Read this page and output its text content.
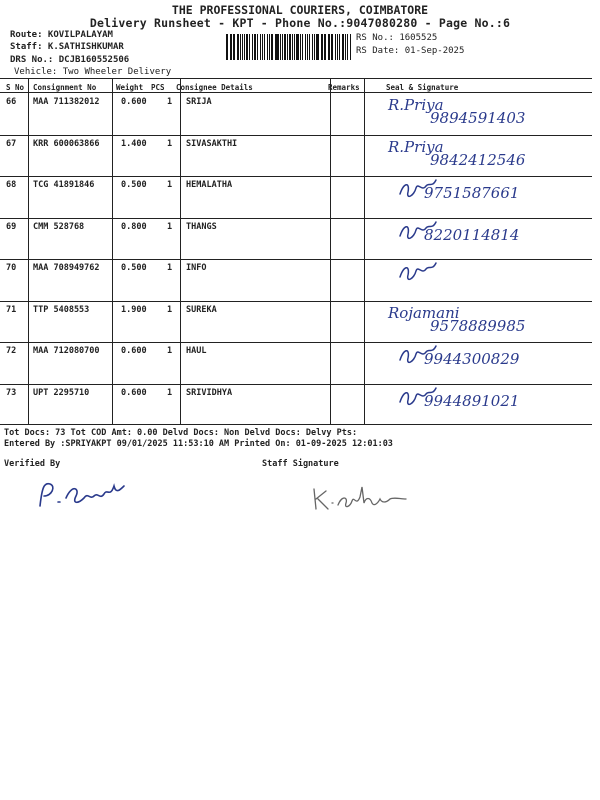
THE PROFESSIONAL COURIERS, COIMBATORE
Delivery Runsheet - KPT - Phone No.:9047080280 - Page No.:6
Route: KOVILPALAYAM
Staff: K.SATHISHKUMAR
DRS No.: DCJB160552506
Vehicle: Two Wheeler Delivery
RS No.: 1605525
RS Date: 01-Sep-2025
S No Consignment No	Weight PCS Consignee Details	Remarks	Seal & Signature
66 MAA 711382012	0.600 1 SRIJA	R.Priya
9894591403
67 KRR 600063866	1.400 1 SIVASAKTHI	R.Priya
9842412546
68 TCG 41891846	0.500 1 HEMALATHA	9751587661
69 CMM 528768	0.800 1 THANGS	8220114814
70 MAA 708949762	0.500 1 INFO
71 TTP 5408553	1.900 1 SUREKA	Rojamani
9578889985
72 MAA 712080700	0.600 1 HAUL	9944300829
73 UPT 2295710	0.600 1 SRIVIDHYA	9944891021
Tot Docs: 73 Tot COD Amt: 0.00 Delvd Docs: Non Delvd Docs: Delvy Pts:
Entered By :SPRIYAKPT 09/01/2025 11:53:10 AM Printed On: 01-09-2025 12:01:03
Verified By	Staff Signature
